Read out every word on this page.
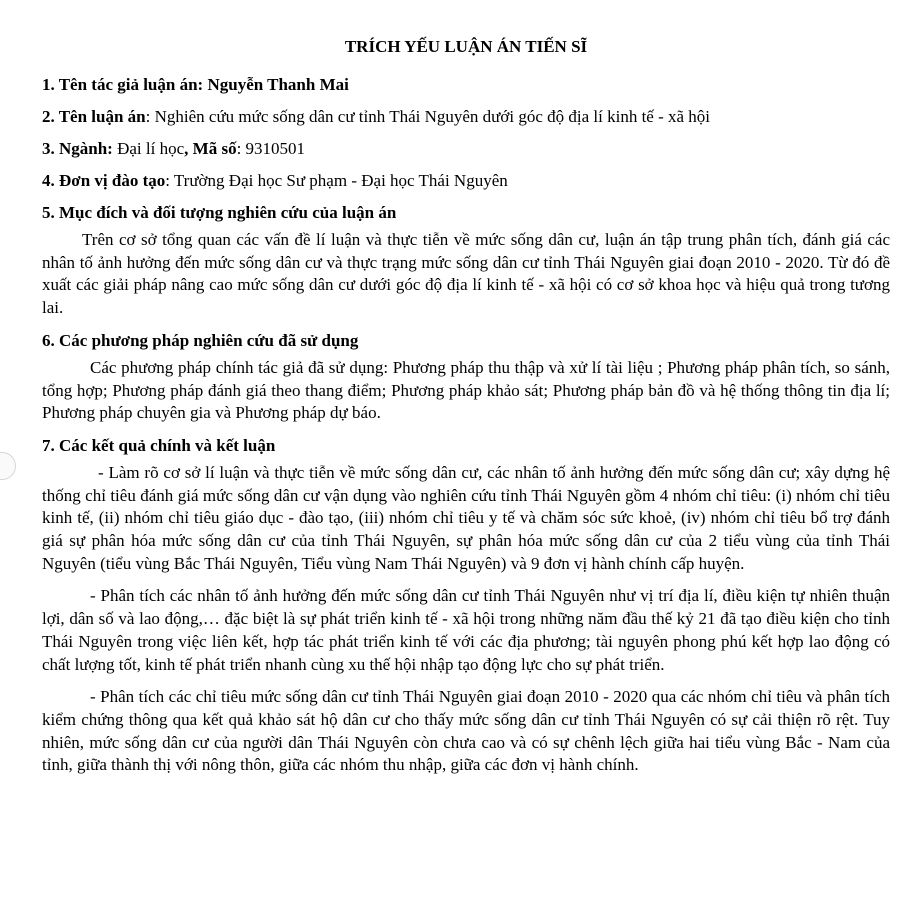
TRÍCH YẾU LUẬN ÁN TIẾN SĨ
1. Tên tác giả luận án: Nguyễn Thanh Mai
2. Tên luận án: Nghiên cứu mức sống dân cư tỉnh Thái Nguyên dưới góc độ địa lí kinh tế - xã hội
3. Ngành: Đại lí học, Mã số: 9310501
4. Đơn vị đào tạo: Trường Đại học Sư phạm - Đại học Thái Nguyên
5. Mục đích và đối tượng nghiên cứu của luận án
Trên cơ sở tổng quan các vấn đề lí luận và thực tiễn về mức sống dân cư, luận án tập trung phân tích, đánh giá các nhân tố ảnh hưởng đến mức sống dân cư và thực trạng mức sống dân cư tỉnh Thái Nguyên giai đoạn 2010 - 2020. Từ đó đề xuất các giải pháp nâng cao mức sống dân cư dưới góc độ địa lí kinh tế - xã hội có cơ sở khoa học và hiệu quả trong tương lai.
6. Các phương pháp nghiên cứu đã sử dụng
Các phương pháp chính tác giả đã sử dụng: Phương pháp thu thập và xử lí tài liệu ; Phương pháp phân tích, so sánh, tổng hợp; Phương pháp đánh giá theo thang điểm; Phương pháp khảo sát; Phương pháp bản đồ và hệ thống thông tin địa lí; Phương pháp chuyên gia và Phương pháp dự báo.
7. Các kết quả chính và kết luận
- Làm rõ cơ sở lí luận và thực tiễn về mức sống dân cư, các nhân tố ảnh hưởng đến mức sống dân cư; xây dựng hệ thống chỉ tiêu đánh giá mức sống dân cư vận dụng vào nghiên cứu tỉnh Thái Nguyên gồm 4 nhóm chỉ tiêu: (i) nhóm chỉ tiêu kinh tế, (ii) nhóm chỉ tiêu giáo dục - đào tạo, (iii) nhóm chỉ tiêu y tế và chăm sóc sức khoẻ, (iv) nhóm chỉ tiêu bổ trợ đánh giá sự phân hóa mức sống dân cư của tỉnh Thái Nguyên, sự phân hóa mức sống dân cư của 2 tiểu vùng của tỉnh Thái Nguyên (tiểu vùng Bắc Thái Nguyên, Tiểu vùng Nam Thái Nguyên) và 9 đơn vị hành chính cấp huyện.
- Phân tích các nhân tố ảnh hưởng đến mức sống dân cư tỉnh Thái Nguyên như vị trí địa lí, điều kiện tự nhiên thuận lợi, dân số và lao động,… đặc biệt là sự phát triển kinh tế - xã hội trong những năm đầu thế kỷ 21 đã tạo điều kiện cho tỉnh Thái Nguyên trong việc liên kết, hợp tác phát triển kinh tế với các địa phương; tài nguyên phong phú kết hợp lao động có chất lượng tốt, kinh tế phát triển nhanh cùng xu thế hội nhập tạo động lực cho sự phát triển.
- Phân tích các chỉ tiêu mức sống dân cư tỉnh Thái Nguyên giai đoạn 2010 - 2020 qua các nhóm chỉ tiêu và phân tích kiểm chứng thông qua kết quả khảo sát hộ dân cư cho thấy mức sống dân cư tỉnh Thái Nguyên có sự cải thiện rõ rệt. Tuy nhiên, mức sống dân cư của người dân Thái Nguyên còn chưa cao và có sự chênh lệch giữa hai tiểu vùng Bắc - Nam của tỉnh, giữa thành thị với nông thôn, giữa các nhóm thu nhập, giữa các đơn vị hành chính.
